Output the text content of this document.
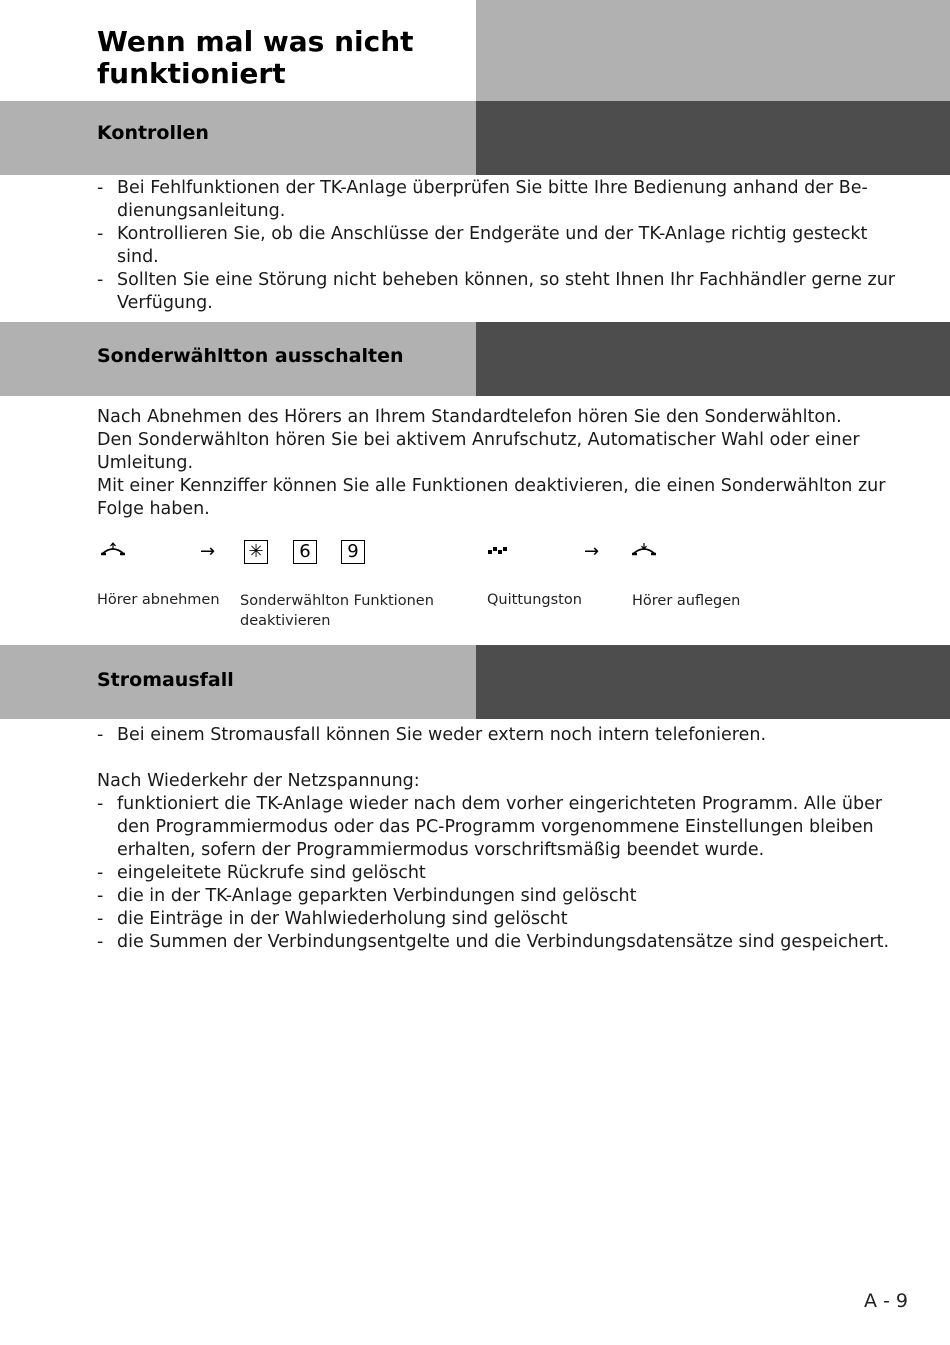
Wenn mal was nicht
funktioniert
Kontrollen
- Bei Fehlfunktionen der TK-Anlage überprüfen Sie bitte Ihre Bedienung anhand der Be-
dienungsanleitung.
- Kontrollieren Sie, ob die Anschlüsse der Endgeräte und der TK-Anlage richtig gesteckt
sind.
- Sollten Sie eine Störung nicht beheben können, so steht Ihnen Ihr Fachhändler gerne zur
Verfügung.
Sonderwähltton ausschalten

Nach Abnehmen des Hörers an Ihrem Standardtelefon hören Sie den Sonderwählton.

Den Sonderwählton hören Sie bei aktivem Anrufschutz, Automatischer Wahl oder einer

Umleitung.

Mit einer Kennziffer können Sie alle Funktionen deaktivieren, die einen Sonderwählton zur

Folge haben.

→ ✳	6	9	→
Hörer abnehmen Sonderwählton Funktionen
deaktivieren
Quittungston	Hörer auflegen
Stromausfall
- Bei einem Stromausfall können Sie weder extern noch intern telefonieren.

Nach Wiederkehr der Netzspannung:

- funktioniert die TK-Anlage wieder nach dem vorher eingerichteten Programm. Alle über
den Programmiermodus oder das PC-Programm vorgenommene Einstellungen bleiben
erhalten, sofern der Programmiermodus vorschriftsmäßig beendet wurde.
- eingeleitete Rückrufe sind gelöscht
- die in der TK-Anlage geparkten Verbindungen sind gelöscht
- die Einträge in der Wahlwiederholung sind gelöscht
- die Summen der Verbindungsentgelte und die Verbindungsdatensätze sind gespeichert.
A - 9
